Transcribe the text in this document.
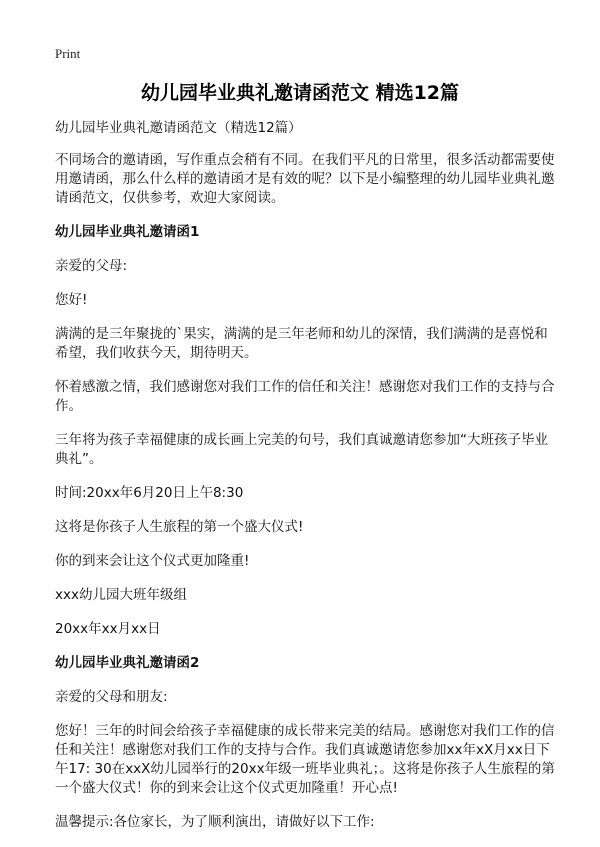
Print
幼儿园毕业典礼邀请函范文 精选12篇

幼儿园毕业典礼邀请函范文（精选12篇）

不同场合的邀请函，写作重点会稍有不同。在我们平凡的日常里，很多活动都需要使用邀请函，那么什么样的邀请函才是有效的呢？以下是小编整理的幼儿园毕业典礼邀请函范文，仅供参考，欢迎大家阅读。

幼儿园毕业典礼邀请函1

亲爱的父母:

您好!

满满的是三年聚拢的`果实，满满的是三年老师和幼儿的深情，我们满满的是喜悦和希望，我们收获今天，期待明天。

怀着感激之情，我们感谢您对我们工作的信任和关注！感谢您对我们工作的支持与合作。

三年将为孩子幸福健康的成长画上完美的句号，我们真诚邀请您参加“大班孩子毕业典礼”。

时间:20xx年6月20日上午8:30

这将是你孩子人生旅程的第一个盛大仪式!

你的到来会让这个仪式更加隆重!

xxx幼儿园大班年级组

20xx年xx月xx日

幼儿园毕业典礼邀请函2

亲爱的父母和朋友:

您好！三年的时间会给孩子幸福健康的成长带来完美的结局。感谢您对我们工作的信任和关注！感谢您对我们工作的支持与合作。我们真诚邀请您参加xx年xX月xx日下午17: 30在xxX幼儿园举行的20xx年级一班毕业典礼；。这将是你孩子人生旅程的第一个盛大仪式！你的到来会让这个仪式更加隆重！开心点!

温馨提示:各位家长，为了顺利演出，请做好以下工作:
